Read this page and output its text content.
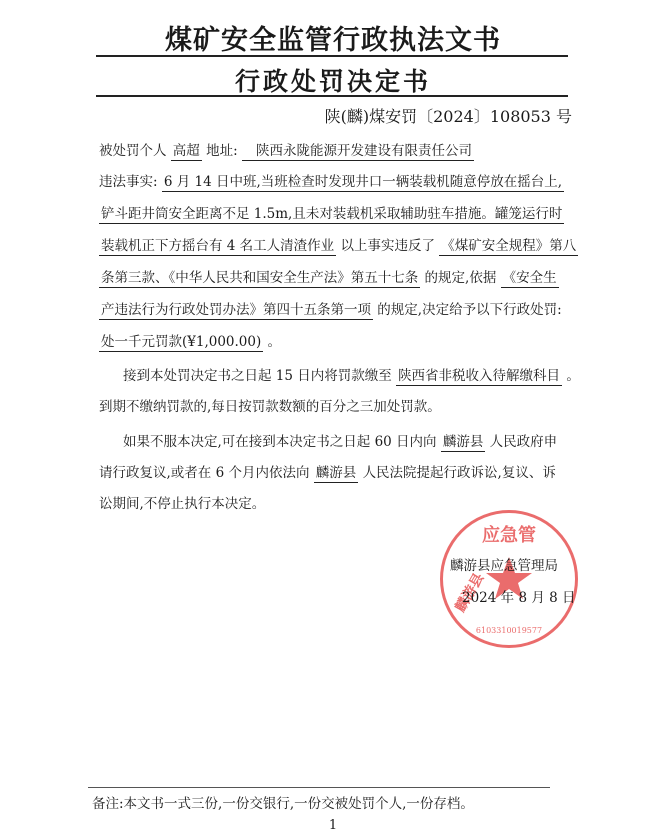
煤矿安全监管行政执法文书
行政处罚决定书
陕(麟)煤安罚〔2024〕108053 号
被处罚个人 高超 地址: 陕西永陇能源开发建设有限责任公司
违法事实: 6 月 14 日中班,当班检查时发现井口一辆装载机随意停放在摇台上,
铲斗距井筒安全距离不足 1.5m,且未对装载机采取辅助驻车措施。罐笼运行时
装载机正下方摇台有 4 名工人清渣作业 以上事实违反了 《煤矿安全规程》第八
条第三款、《中华人民共和国安全生产法》第五十七条 的规定,依据 《安全生
产违法行为行政处罚办法》第四十五条第一项 的规定,决定给予以下行政处罚:
处一千元罚款(¥1,000.00) 。
接到本处罚决定书之日起 15 日内将罚款缴至 陕西省非税收入待解缴科目 。
到期不缴纳罚款的,每日按罚款数额的百分之三加处罚款。
如果不服本决定,可在接到本决定书之日起 60 日内向 麟游县 人民政府申
请行政复议,或者在 6 个月内依法向 麟游县 人民法院提起行政诉讼,复议、诉
讼期间,不停止执行本决定。
应急管
麟游县
6103310019577
麟游县应急管理局
2024 年 8 月 8 日
备注:本文书一式三份,一份交银行,一份交被处罚个人,一份存档。
1
